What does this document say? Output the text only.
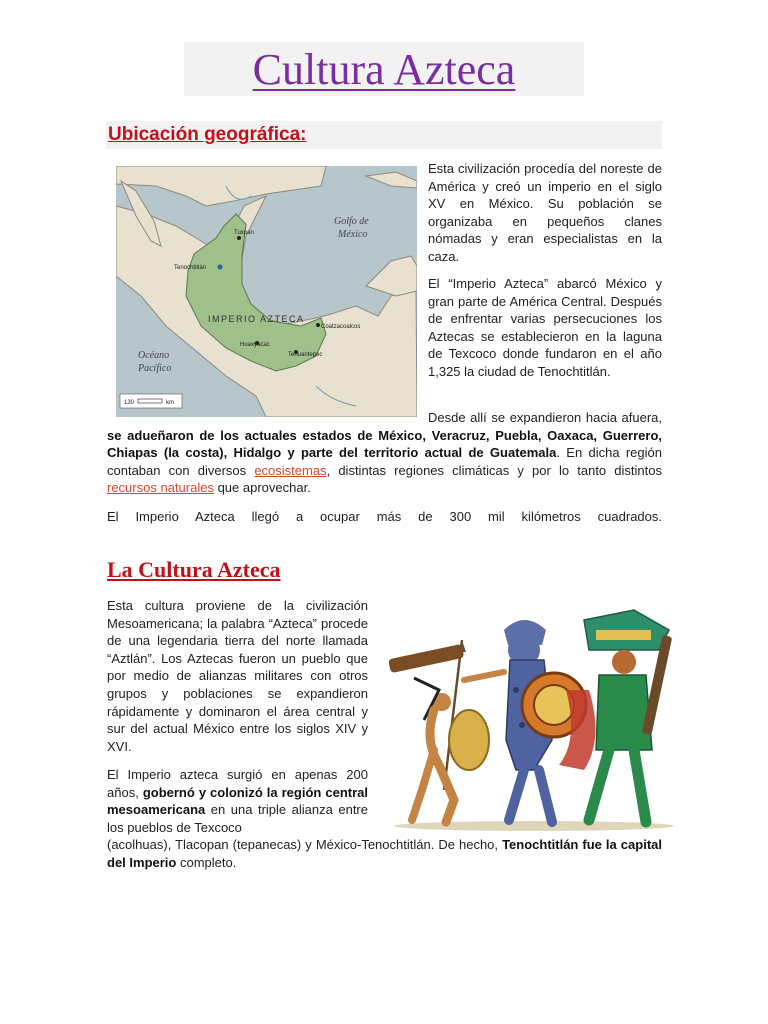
Cultura Azteca
Ubicación geográfica:
Golfo de
México
Océano
Pacífico
IMPERIO AZTECA
Tuxpan
Tenochtitlán
Coatzacoalcos
Huaxyacac
Tehuantepec
130	km

Esta civilización procedía del noreste de América y creó un imperio en el siglo XV en México. Su población se organizaba en pequeños clanes nómadas y eran especialistas en la caza.

El “Imperio Azteca” abarcó México y gran parte de América Central. Después de enfrentar varias persecuciones los Aztecas se establecieron en la laguna de Texcoco donde fundaron en el año 1,325 la ciudad de Tenochtitlán.

Desde allí se expandieron hacia afuera, se adueñaron de los actuales estados de México, Veracruz, Puebla, Oaxaca, Guerrero, Chiapas (la costa), Hidalgo y parte del territorio actual de Guatemala. En dicha región contaban con diversos ecosistemas, distintas regiones climáticas y por lo tanto distintos recursos naturales que aprovechar.

El Imperio Azteca llegó a ocupar más de 300 mil kilómetros cuadrados.

La Cultura Azteca

Esta cultura proviene de la civilización Mesoamericana; la palabra “Azteca” procede de una legendaria tierra del norte llamada “Aztlán”. Los Aztecas fueron un pueblo que por medio de alianzas militares con otros grupos y poblaciones se expandieron rápidamente y dominaron el área central y sur del actual México entre los siglos XIV y XVI.

El Imperio azteca surgió en apenas 200 años, gobernó y colonizó la región central mesoamericana en una triple alianza entre los pueblos de Texcoco

(acolhuas), Tlacopan (tepanecas) y México-Tenochtitlán. De hecho, Tenochtitlán fue la capital del Imperio completo.
